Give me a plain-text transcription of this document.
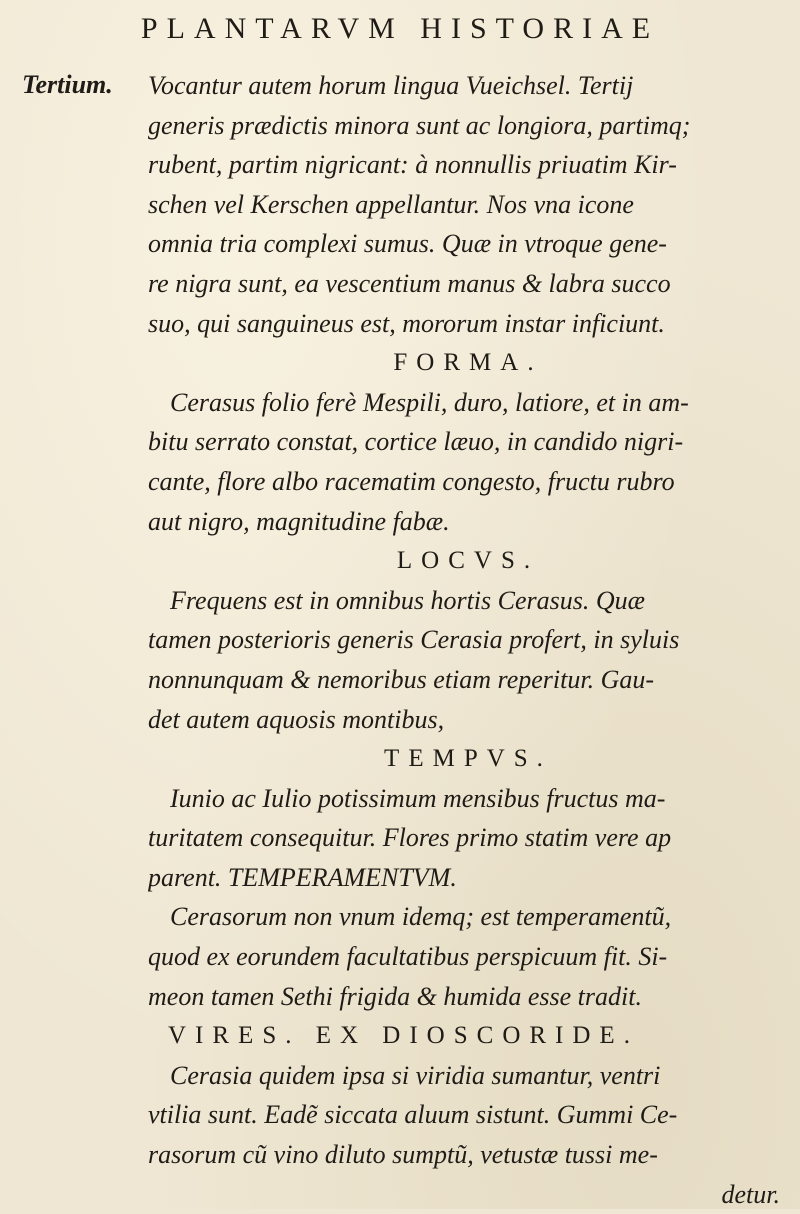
PLANTARVM HISTORIAE
Tertium. Vocantur autem horum lingua Vueichsel. Tertij
generis prædictis minora sunt ac longiora, partimq;
rubent, partim nigricant: à nonnullis priuatim Kir-
schen vel Kerschen appellantur. Nos vna icone
omnia tria complexi sumus. Quæ in vtroque gene-
re nigra sunt, ea vescentium manus & labra succo
suo, qui sanguineus est, mororum instar inficiunt.
FORMA.
Cerasus folio ferè Mespili, duro, latiore, et in am-
bitu serrato constat, cortice læuo, in candido nigri-
cante, flore albo racematim congesto, fructu rubro
aut nigro, magnitudine fabæ.
LOCVS.
Frequens est in omnibus hortis Cerasus. Quæ
tamen posterioris generis Cerasia profert, in syluis
nonnunquam & nemoribus etiam reperitur. Gau-
det autem aquosis montibus,
TEMPVS.
Iunio ac Iulio potissimum mensibus fructus ma-
turitatem consequitur. Flores primo statim vere ap
parent. TEMPERAMENTVM.
Cerasorum non vnum idemq; est temperamentũ,
quod ex eorundem facultatibus perspicuum fit. Si-
meon tamen Sethi frigida & humida esse tradit.
VIRES. EX DIOSCORIDE.
Cerasia quidem ipsa si viridia sumantur, ventri
vtilia sunt. Eadẽ siccata aluum sistunt. Gummi Ce-
rasorum cũ vino diluto sumptũ, vetustæ tussi me-
detur.
